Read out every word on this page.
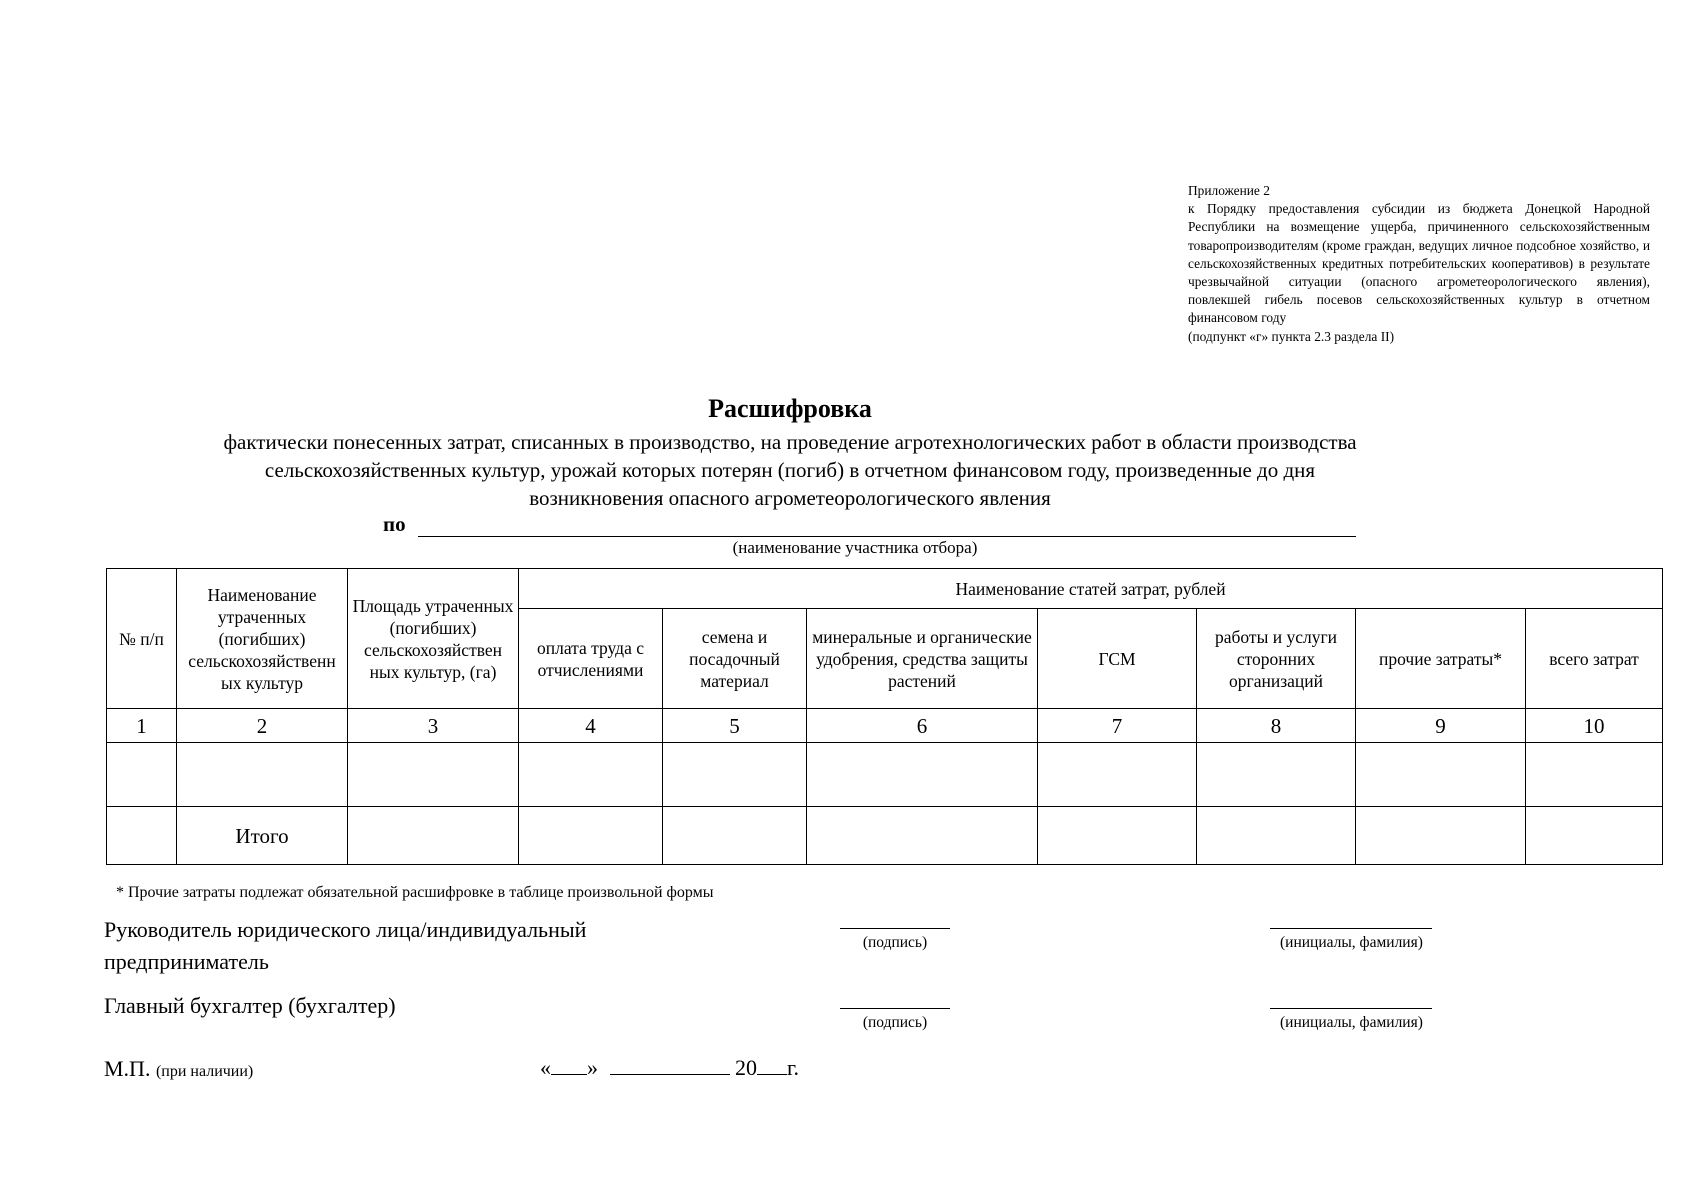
Приложение 2
к Порядку предоставления субсидии из бюджета Донецкой Народной Республики на возмещение ущерба, причиненного сельскохозяйственным товаропроизводителям (кроме граждан, ведущих личное подсобное хозяйство, и сельскохозяйственных кредитных потребительских кооперативов) в результате чрезвычайной ситуации (опасного агрометеорологического явления), повлекшей гибель посевов сельскохозяйственных культур в отчетном финансовом году
(подпункт «г» пункта 2.3 раздела II)
Расшифровка
фактически понесенных затрат, списанных в производство, на проведение агротехнологических работ в области производства
сельскохозяйственных культур, урожай которых потерян (погиб) в отчетном финансовом году, произведенные до дня
возникновения опасного агрометеорологического явления
по
(наименование участника отбора)
№ п/п	Наименование утраченных (погибших) сельскохозяйственн ых культур	Площадь утраченных (погибших) сельскохозяйствен ных культур, (га)	Наименование статей затрат, рублей						
			оплата труда с отчислениями	семена и посадочный материал	минеральные и органические удобрения, средства защиты растений	ГСМ	работы и услуги сторонних организаций	прочие затраты*	всего затрат
1	2	3	4	5	6	7	8	9	10

	Итого								
* Прочие затраты подлежат обязательной расшифровке в таблице произвольной формы
Руководитель юридического лица/индивидуальный
предприниматель
(подпись)	(инициалы, фамилия)
Главный бухгалтер (бухгалтер)
(подпись)	(инициалы, фамилия)
М.П. (при наличии)	« »	20 г.
